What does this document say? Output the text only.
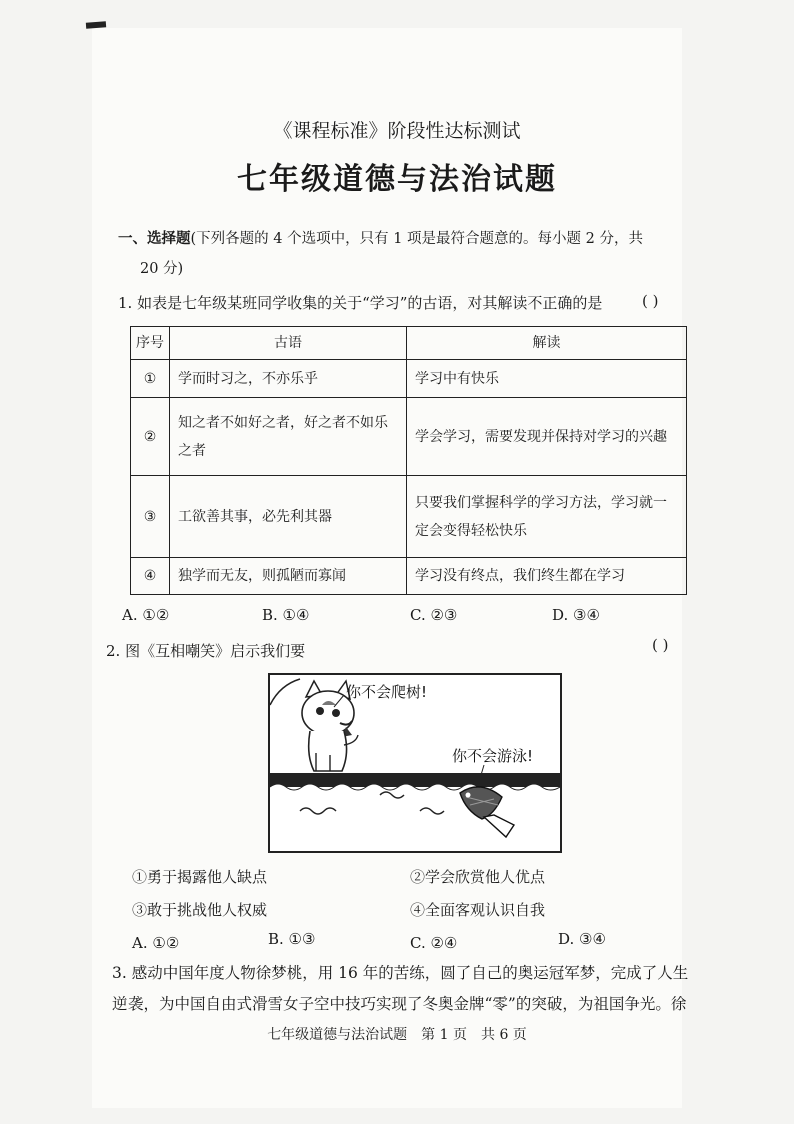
《课程标准》阶段性达标测试
七年级道德与法治试题
一、选择题(下列各题的 4 个选项中，只有 1 项是最符合题意的。每小题 2 分，共
20 分)
1. 如表是七年级某班同学收集的关于“学习”的古语，对其解读不正确的是	( )
序号	古语	解读
①	学而时习之，不亦乐乎	学习中有快乐
②	知之者不如好之者，好之者不如乐之者	学会学习，需要发现并保持对学习的兴趣
③	工欲善其事，必先利其器	只要我们掌握科学的学习方法，学习就一定会变得轻松快乐
④	独学而无友，则孤陋而寡闻	学习没有终点，我们终生都在学习
A. ①②	B. ①④	C. ②③	D. ③④
2. 图《互相嘲笑》启示我们要	( )
你不会爬树!
你不会游泳!
①勇于揭露他人缺点	②学会欣赏他人优点
③敢于挑战他人权威	④全面客观认识自我
A. ①②	B. ①③	C. ②④	D. ③④
3. 感动中国年度人物徐梦桃，用 16 年的苦练，圆了自己的奥运冠军梦，完成了人生逆 袭，为中国自由式滑雪女子空中技巧实现了冬奥金牌“零”的突破，为祖国争光。徐
七年级道德与法治试题　第 1 页　共 6 页
